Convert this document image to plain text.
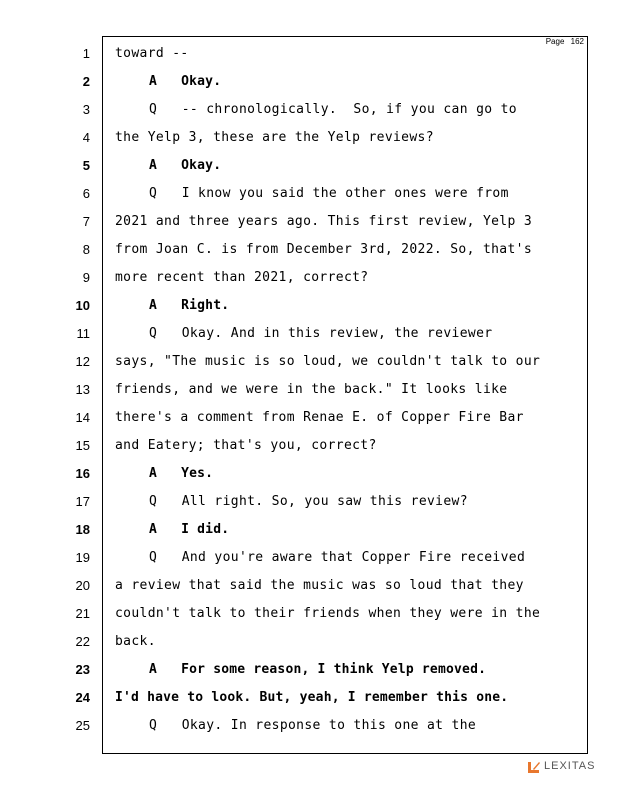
Page 162
1 toward --
2	A   Okay.
3	Q   -- chronologically.  So, if you can go to
4 the Yelp 3, these are the Yelp reviews?
5	A   Okay.
6	Q   I know you said the other ones were from
7 2021 and three years ago. This first review, Yelp 3
8 from Joan C. is from December 3rd, 2022. So, that's
9 more recent than 2021, correct?
10	A   Right.
11	Q   Okay. And in this review, the reviewer
12 says, "The music is so loud, we couldn't talk to our
13 friends, and we were in the back." It looks like
14 there's a comment from Renae E. of Copper Fire Bar
15 and Eatery; that's you, correct?
16	A   Yes.
17	Q   All right. So, you saw this review?
18	A   I did.
19	Q   And you're aware that Copper Fire received
20 a review that said the music was so loud that they
21 couldn't talk to their friends when they were in the
22 back.
23	A   For some reason, I think Yelp removed.
24 I'd have to look. But, yeah, I remember this one.
25	Q   Okay. In response to this one at the
LEXITAS
